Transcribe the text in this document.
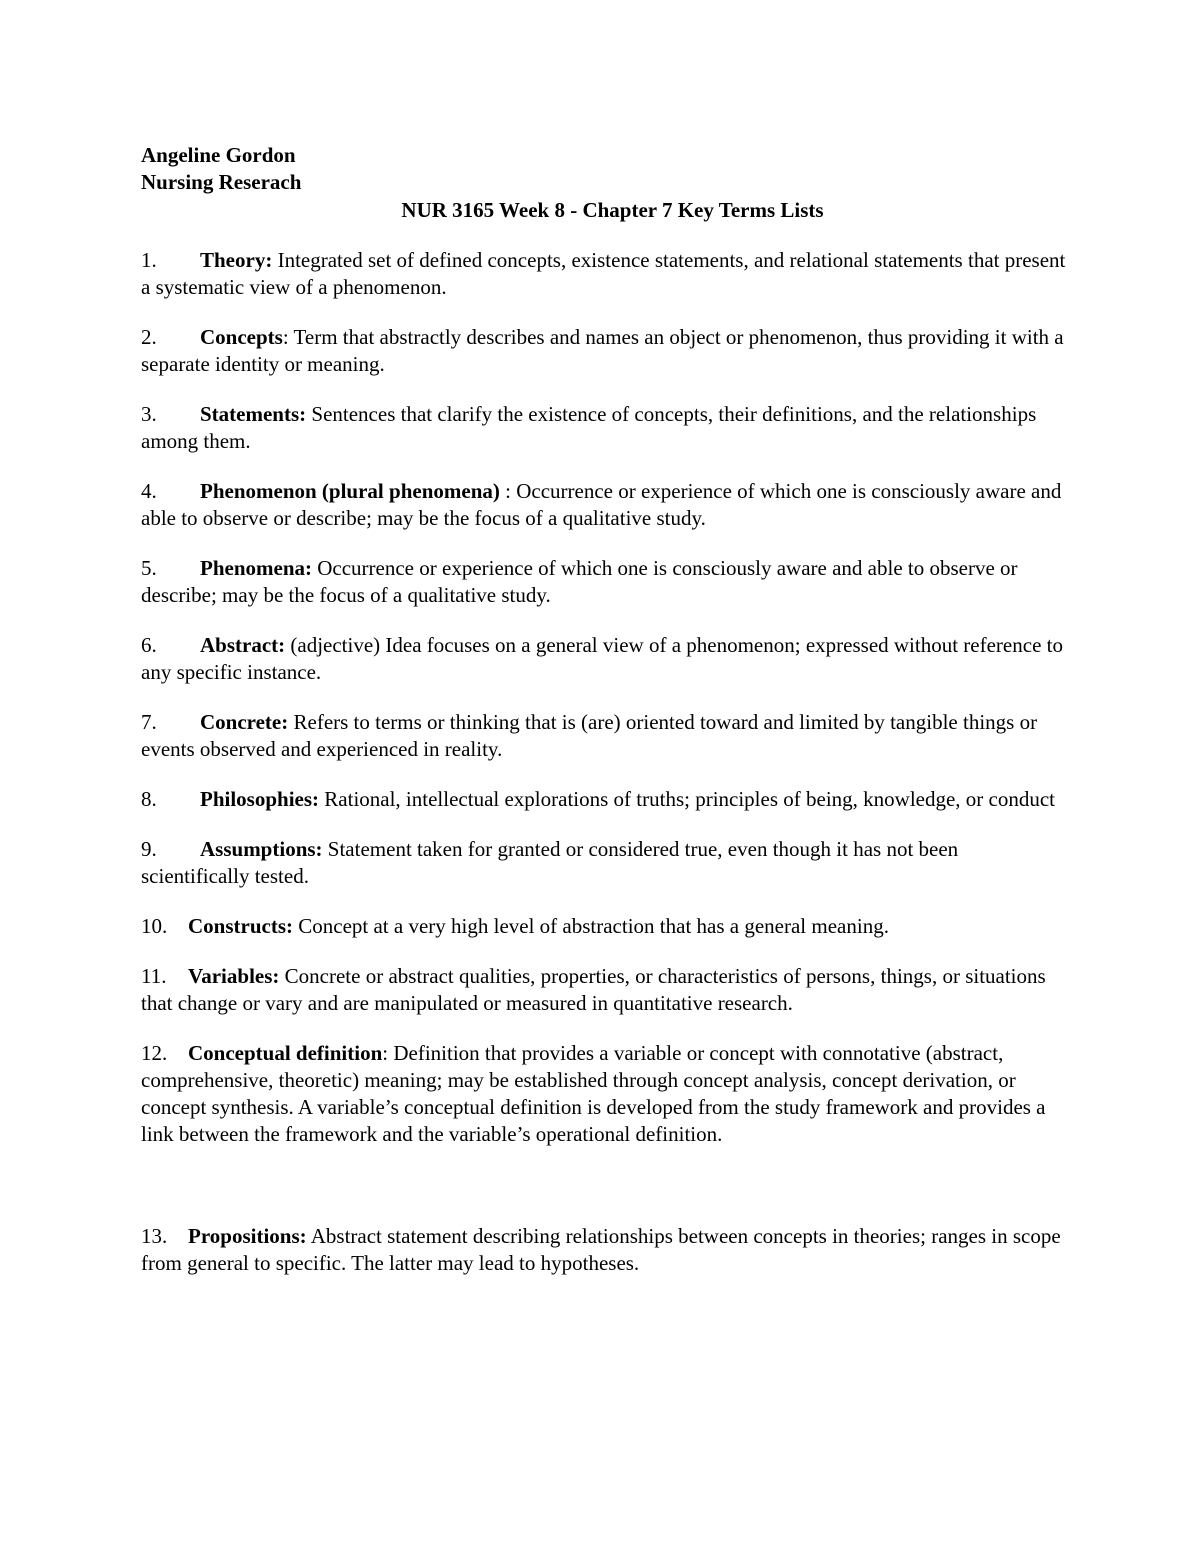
Angeline Gordon

Nursing Reserach

NUR 3165 Week 8 - Chapter 7 Key Terms Lists

1. Theory: Integrated set of defined concepts, existence statements, and relational statements that present a systematic view of a phenomenon.

2. Concepts: Term that abstractly describes and names an object or phenomenon, thus providing it with a separate identity or meaning.

3. Statements: Sentences that clarify the existence of concepts, their definitions, and the relationships among them.

4. Phenomenon (plural phenomena) : Occurrence or experience of which one is consciously aware and able to observe or describe; may be the focus of a qualitative study.

5. Phenomena: Occurrence or experience of which one is consciously aware and able to observe or describe; may be the focus of a qualitative study.

6. Abstract: (adjective) Idea focuses on a general view of a phenomenon; expressed without reference to any specific instance.

7. Concrete: Refers to terms or thinking that is (are) oriented toward and limited by tangible things or events observed and experienced in reality.

8. Philosophies: Rational, intellectual explorations of truths; principles of being, knowledge, or conduct

9. Assumptions: Statement taken for granted or considered true, even though it has not been scientifically tested.

10. Constructs: Concept at a very high level of abstraction that has a general meaning.

11. Variables: Concrete or abstract qualities, properties, or characteristics of persons, things, or situations that change or vary and are manipulated or measured in quantitative research.

12. Conceptual definition: Definition that provides a variable or concept with connotative (abstract, comprehensive, theoretic) meaning; may be established through concept analysis, concept derivation, or concept synthesis. A variable’s conceptual definition is developed from the study framework and provides a link between the framework and the variable’s operational definition.

13. Propositions: Abstract statement describing relationships between concepts in theories; ranges in scope from general to specific. The latter may lead to hypotheses.
